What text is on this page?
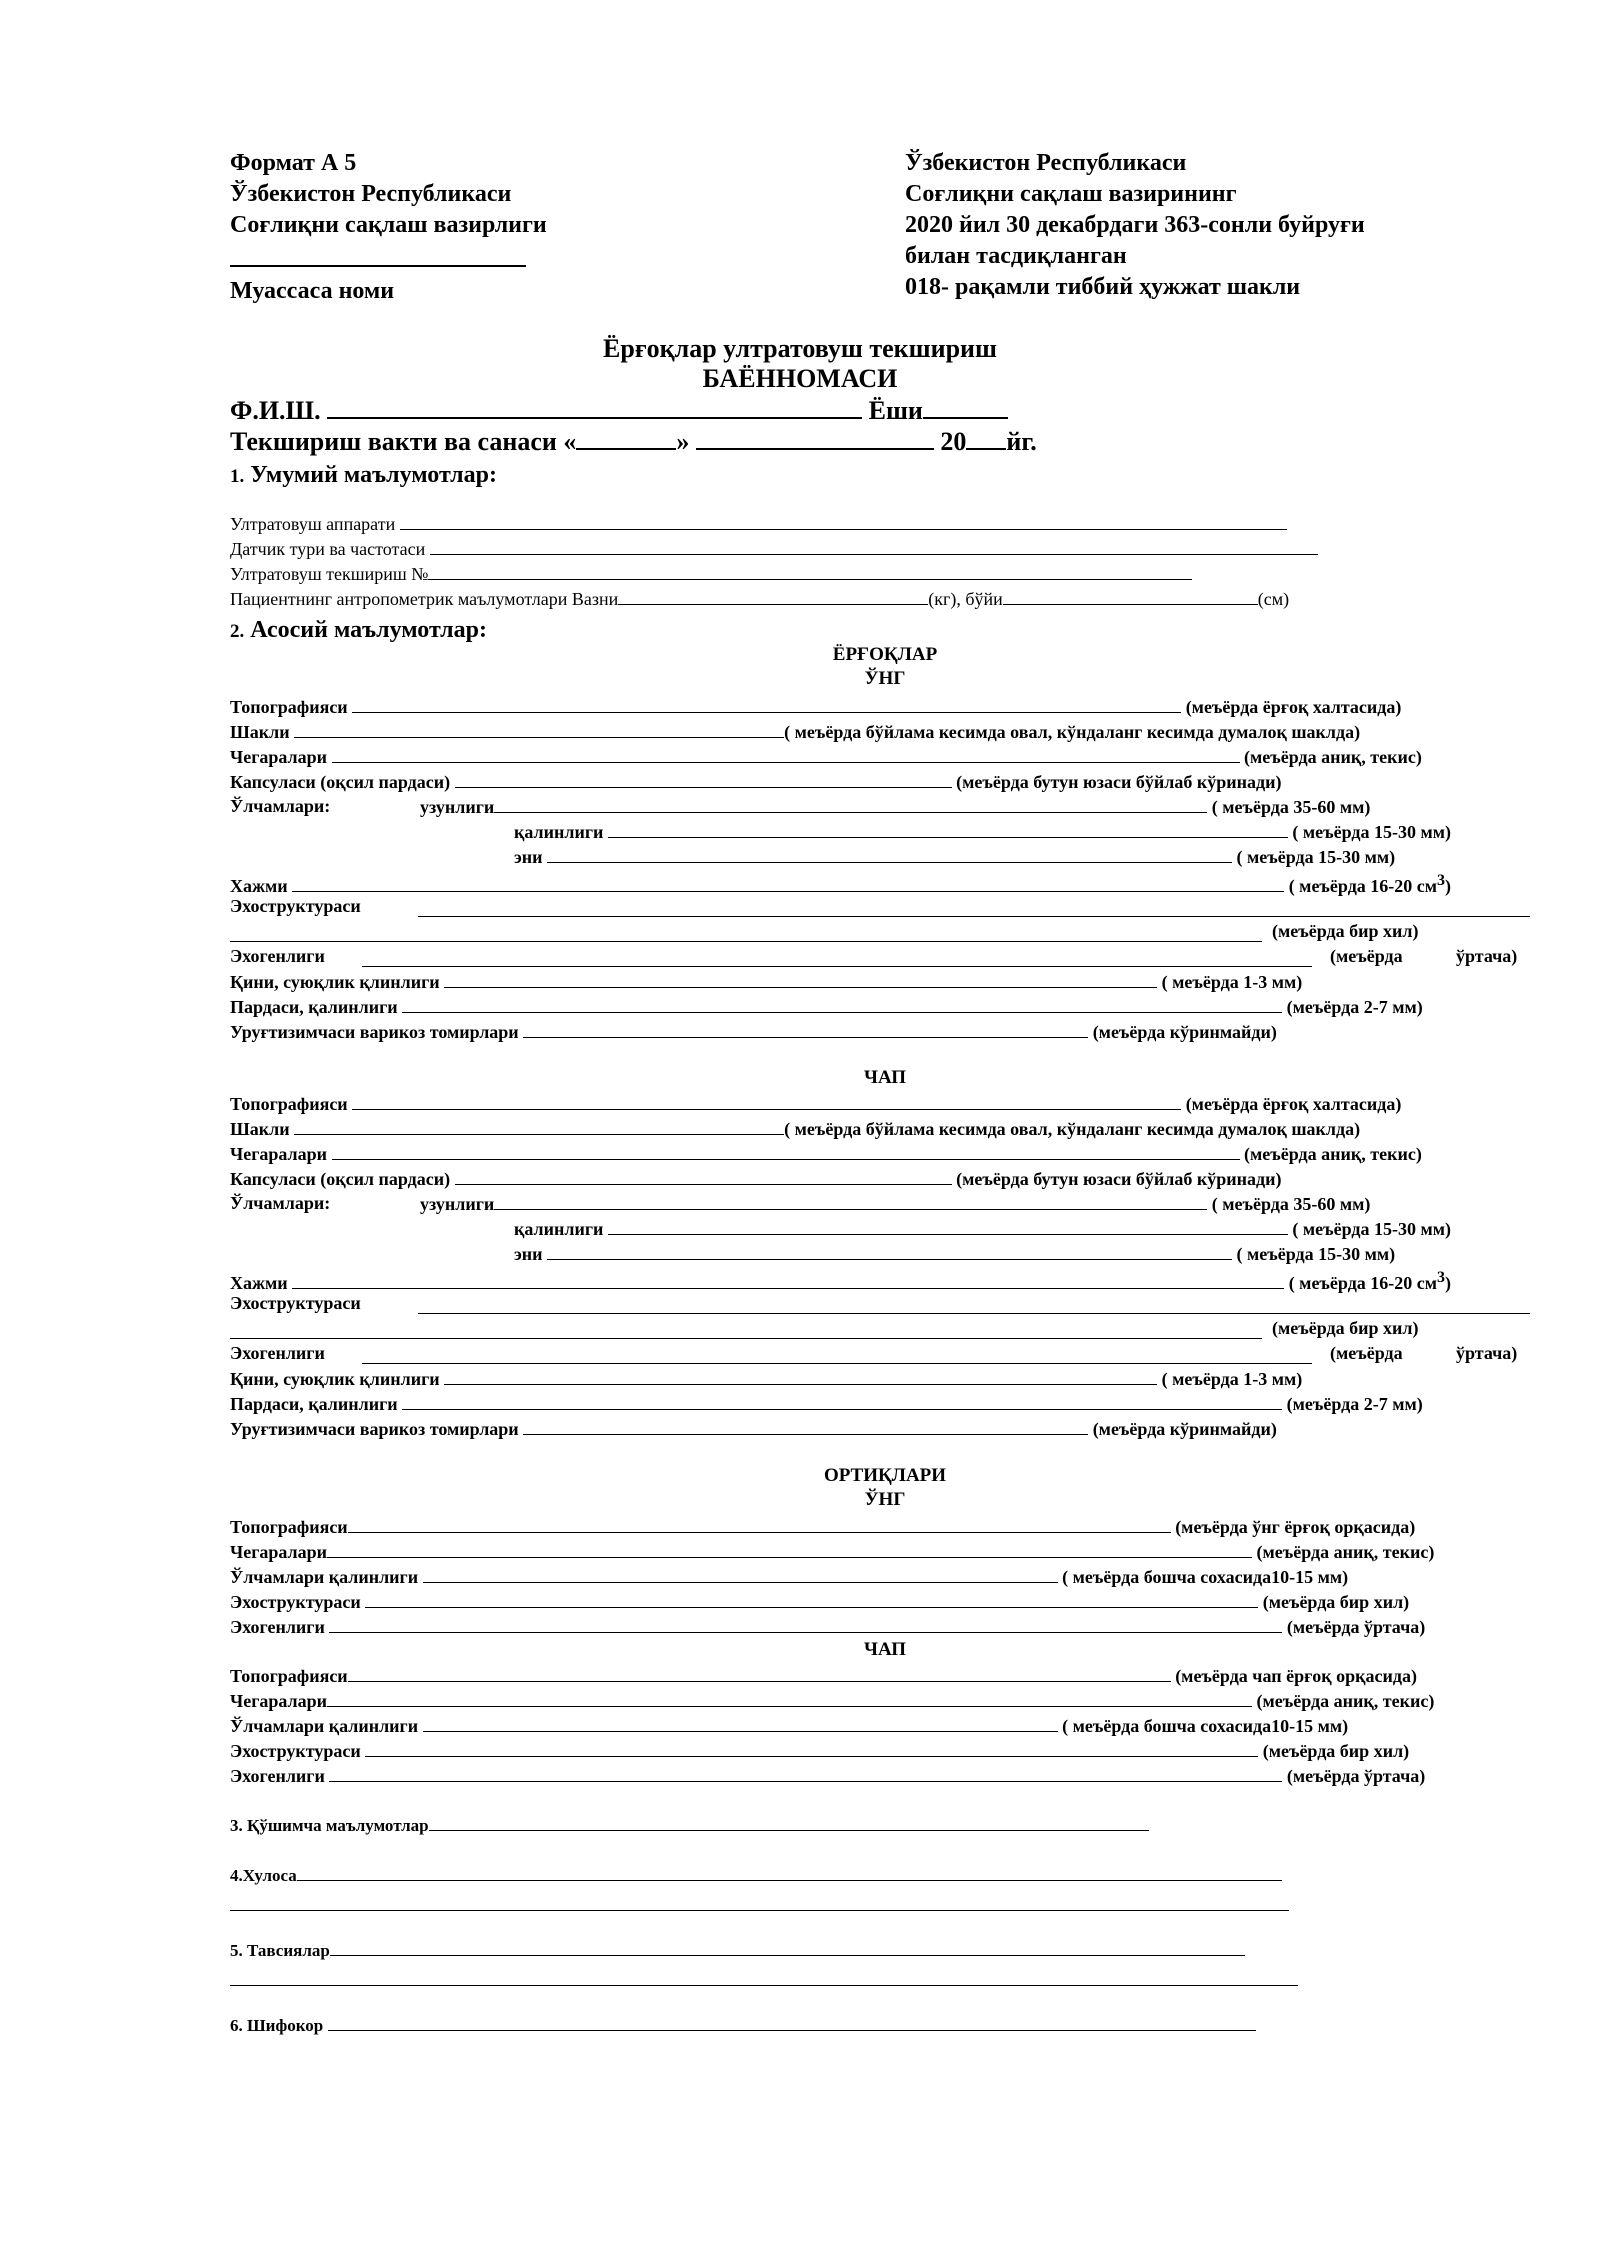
Формат А 5
Ўзбекистон Республикаси
Соғлиқни сақлаш вазирлиги
Муассаса номи
Ўзбекистон Республикаси
Соғлиқни сақлаш вазирининг
2020 йил 30 декабрдаги 363-сонли буйруғи
билан тасдиқланган
018- рақамли тиббий ҳужжат шакли
Ёрғоқлар ултратовуш текшириш
БАЁННОМАСИ
Ф.И.Ш.	Ёши
Текшириш вакти ва санаси «	»	20 йг.
1. Умумий маълумотлар:
Ултратовуш аппарати
Датчик тури ва частотаси
Ултратовуш текшириш №
Пациентнинг антропометрик маълумотлари Вазни	(кг), бўйи	(см)
2. Асосий маълумотлар:
ЁРҒОҚЛАР
ЎНГ
Топографияси	(меъёрда ёрғоқ халтасида)
Шакли	( меъёрда бўйлама кесимда овал, кўндаланг кесимда думалоқ шаклда)
Чегаралари	(меъёрда аниқ, текис)
Капсуласи (оқсил пардаси)	(меъёрда бутун юзаси бўйлаб кўринади)
Ўлчамлари:	узунлиги	( меъёрда 35-60 мм)
қалинлиги	( меъёрда 15-30 мм)
эни	( меъёрда 15-30 мм)
Хажми	( меъёрда 16-20 $см^3$)
Эхоструктураси
(меъёрда бир хил)
Эхогенлиги	(меъёрда	ўртача)
Қини, суюқлик қлинлиги	( меъёрда 1-3 мм)
Пардаси, қалинлиги	(меъёрда 2-7 мм)
Уруғтизимчаси варикоз томирлари	(меъёрда кўринмайди)
ЧАП
Топографияси	(меъёрда ёрғоқ халтасида)
Шакли	( меъёрда бўйлама кесимда овал, кўндаланг кесимда думалоқ шаклда)
Чегаралари	(меъёрда аниқ, текис)
Капсуласи (оқсил пардаси)	(меъёрда бутун юзаси бўйлаб кўринади)
Ўлчамлари:	узунлиги	( меъёрда 35-60 мм)
қалинлиги	( меъёрда 15-30 мм)
эни	( меъёрда 15-30 мм)
Хажми	( меъёрда 16-20 $см^3$)
Эхоструктураси
(меъёрда бир хил)
Эхогенлиги	(меъёрда	ўртача)
Қини, суюқлик қлинлиги	( меъёрда 1-3 мм)
Пардаси, қалинлиги	(меъёрда 2-7 мм)
Уруғтизимчаси варикоз томирлари	(меъёрда кўринмайди)
ОРТИҚЛАРИ
ЎНГ
Топографияси	(меъёрда ўнг ёрғоқ орқасида)
Чегаралари	(меъёрда аниқ, текис)
Ўлчамлари қалинлиги	( меъёрда бошча сохасида10-15 мм)
Эхоструктураси	(меъёрда бир хил)
Эхогенлиги	(меъёрда ўртача)
ЧАП
Топографияси	(меъёрда чап ёрғоқ орқасида)
Чегаралари	(меъёрда аниқ, текис)
Ўлчамлари қалинлиги	( меъёрда бошча сохасида10-15 мм)
Эхоструктураси	(меъёрда бир хил)
Эхогенлиги	(меъёрда ўртача)
3. Қўшимча маълумотлар
4.Хулоса
5. Тавсиялар
6. Шифокор
